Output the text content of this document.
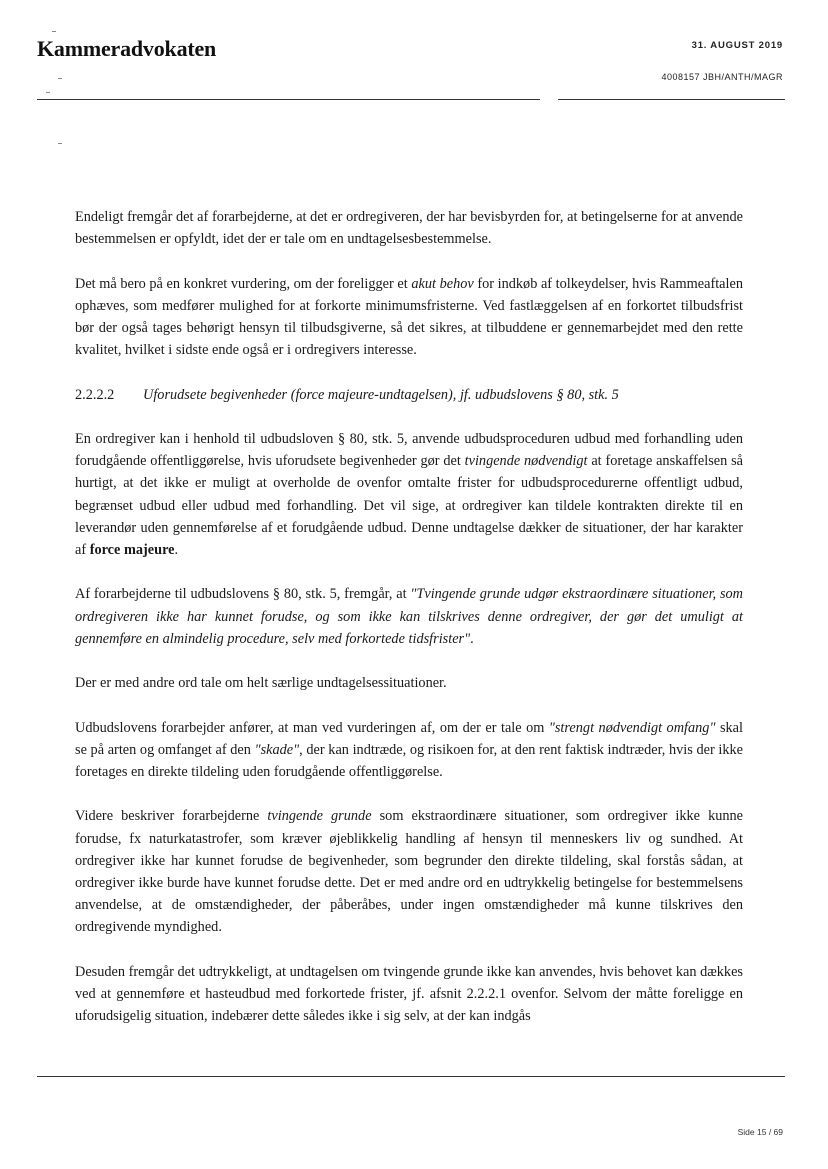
Kammeradvokaten	31. AUGUST 2019
4008157 JBH/ANTH/MAGR

Endeligt fremgår det af forarbejderne, at det er ordregiveren, der har bevisbyrden for, at betingelserne for at anvende bestemmelsen er opfyldt, idet der er tale om en undtagelsesbestemmelse.

Det må bero på en konkret vurdering, om der foreligger et akut behov for indkøb af tolkeydelser, hvis Rammeaftalen ophæves, som medfører mulighed for at forkorte minimumsfristerne. Ved fastlæggelsen af en forkortet tilbudsfrist bør der også tages behørigt hensyn til tilbudsgiverne, så det sikres, at tilbuddene er gennemarbejdet med den rette kvalitet, hvilket i sidste ende også er i ordregivers interesse.

2.2.2.2 Uforudsete begivenheder (force majeure-undtagelsen), jf. udbudslovens § 80, stk. 5

En ordregiver kan i henhold til udbudsloven § 80, stk. 5, anvende udbudsproceduren udbud med forhandling uden forudgående offentliggørelse, hvis uforudsete begivenheder gør det tvingende nødvendigt at foretage anskaffelsen så hurtigt, at det ikke er muligt at overholde de ovenfor omtalte frister for udbudsprocedurerne offentligt udbud, begrænset udbud eller udbud med forhandling. Det vil sige, at ordregiver kan tildele kontrakten direkte til en leverandør uden gennemførelse af et forudgående udbud. Denne undtagelse dækker de situationer, der har karakter af force majeure.

Af forarbejderne til udbudslovens § 80, stk. 5, fremgår, at "Tvingende grunde udgør ekstraordinære situationer, som ordregiveren ikke har kunnet forudse, og som ikke kan tilskrives denne ordregiver, der gør det umuligt at gennemføre en almindelig procedure, selv med forkortede tidsfrister".

Der er med andre ord tale om helt særlige undtagelsessituationer.

Udbudslovens forarbejder anfører, at man ved vurderingen af, om der er tale om "strengt nødvendigt omfang" skal se på arten og omfanget af den "skade", der kan indtræde, og risikoen for, at den rent faktisk indtræder, hvis der ikke foretages en direkte tildeling uden forudgående offentliggørelse.

Videre beskriver forarbejderne tvingende grunde som ekstraordinære situationer, som ordregiver ikke kunne forudse, fx naturkatastrofer, som kræver øjeblikkelig handling af hensyn til menneskers liv og sundhed. At ordregiver ikke har kunnet forudse de begivenheder, som begrunder den direkte tildeling, skal forstås sådan, at ordregiver ikke burde have kunnet forudse dette. Det er med andre ord en udtrykkelig betingelse for bestemmelsens anvendelse, at de omstændigheder, der påberåbes, under ingen omstændigheder må kunne tilskrives den ordregivende myndighed.

Desuden fremgår det udtrykkeligt, at undtagelsen om tvingende grunde ikke kan anvendes, hvis behovet kan dækkes ved at gennemføre et hasteudbud med forkortede frister, jf. afsnit 2.2.2.1 ovenfor. Selvom der måtte foreligge en uforudsigelig situation, indebærer dette således ikke i sig selv, at der kan indgås

Side 15 / 69
